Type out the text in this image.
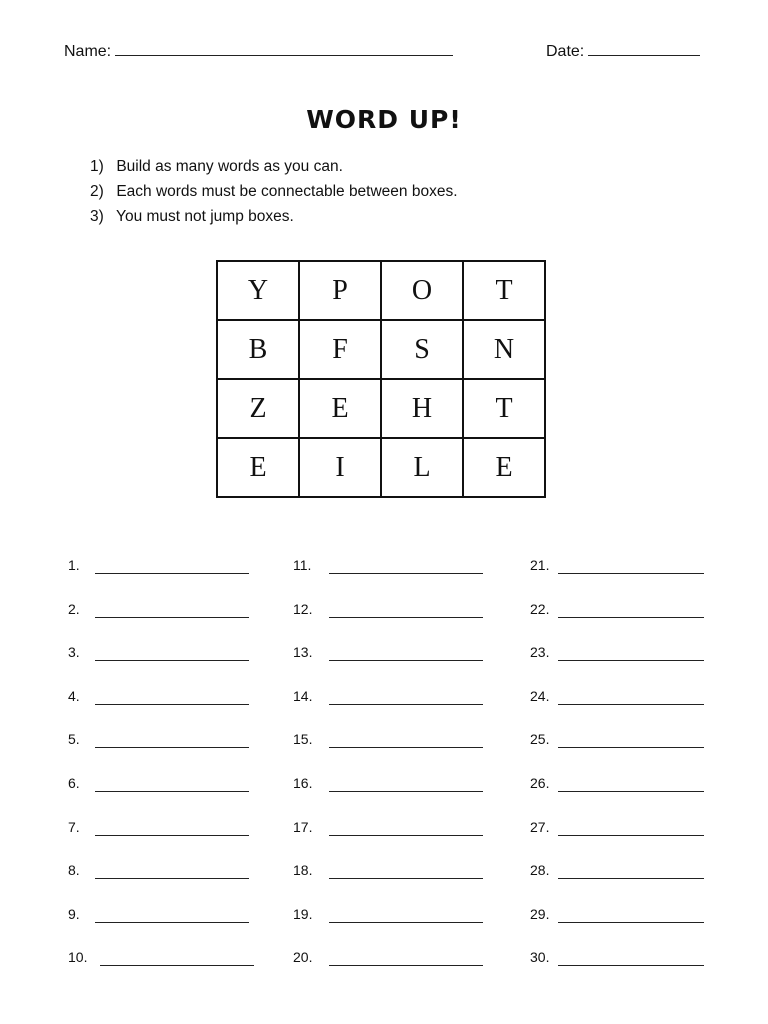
Name:	Date:
WORD UP!
1) Build as many words as you can.
2) Each words must be connectable between boxes.
3) You must not jump boxes.
Y	P	O	T
B	F	S	N
Z	E	H	T
E	I	L	E
1.
2.
3.
4.
5.
6.
7.
8.
9.
10.
11.
12.
13.
14.
15.
16.
17.
18.
19.
20.
21.
22.
23.
24.
25.
26.
27.
28.
29.
30.
